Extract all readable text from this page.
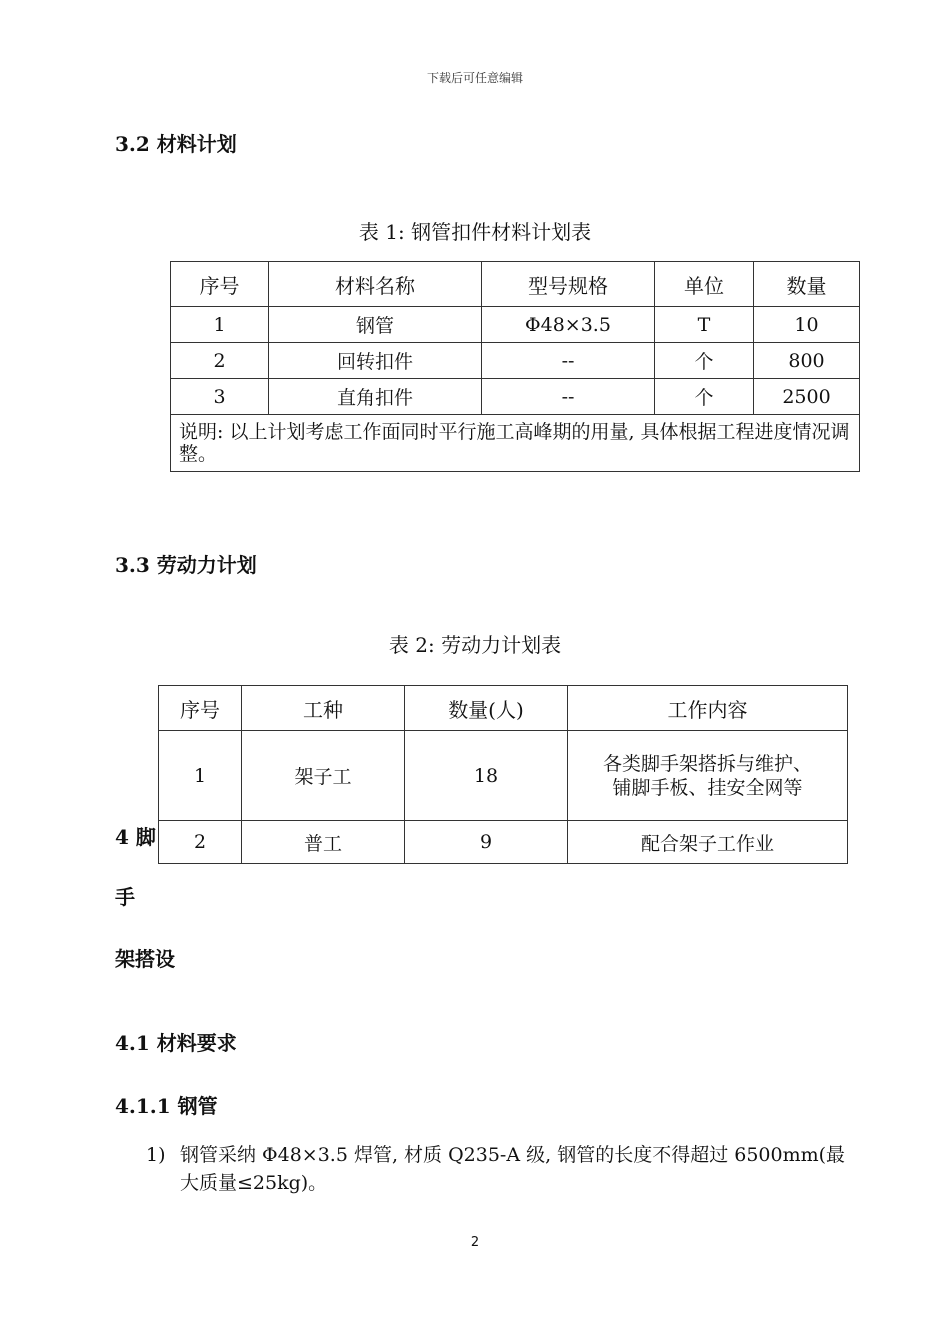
下载后可任意编辑
3.2 材料计划
表 1: 钢管扣件材料计划表
序号	材料名称	型号规格	单位	数量
1	钢管	Φ48×3.5	T	10
2	回转扣件	--	个	800
3	直角扣件	--	个	2500
说明: 以上计划考虑工作面同时平行施工高峰期的用量, 具体根据工程进度情况调整。				
3.3 劳动力计划
表 2: 劳动力计划表
序号	工种	数量(人)	工作内容
1	架子工	18	各类脚手架搭拆与维护、铺脚手板、挂安全网等
2	普工	9	配合架子工作业
4 脚
手
架搭设
4.1 材料要求
4.1.1 钢管
1) 钢管采纳 Φ48×3.5 焊管, 材质 Q235-A 级, 钢管的长度不得超过 6500mm(最大质量≤25kg)。
2
